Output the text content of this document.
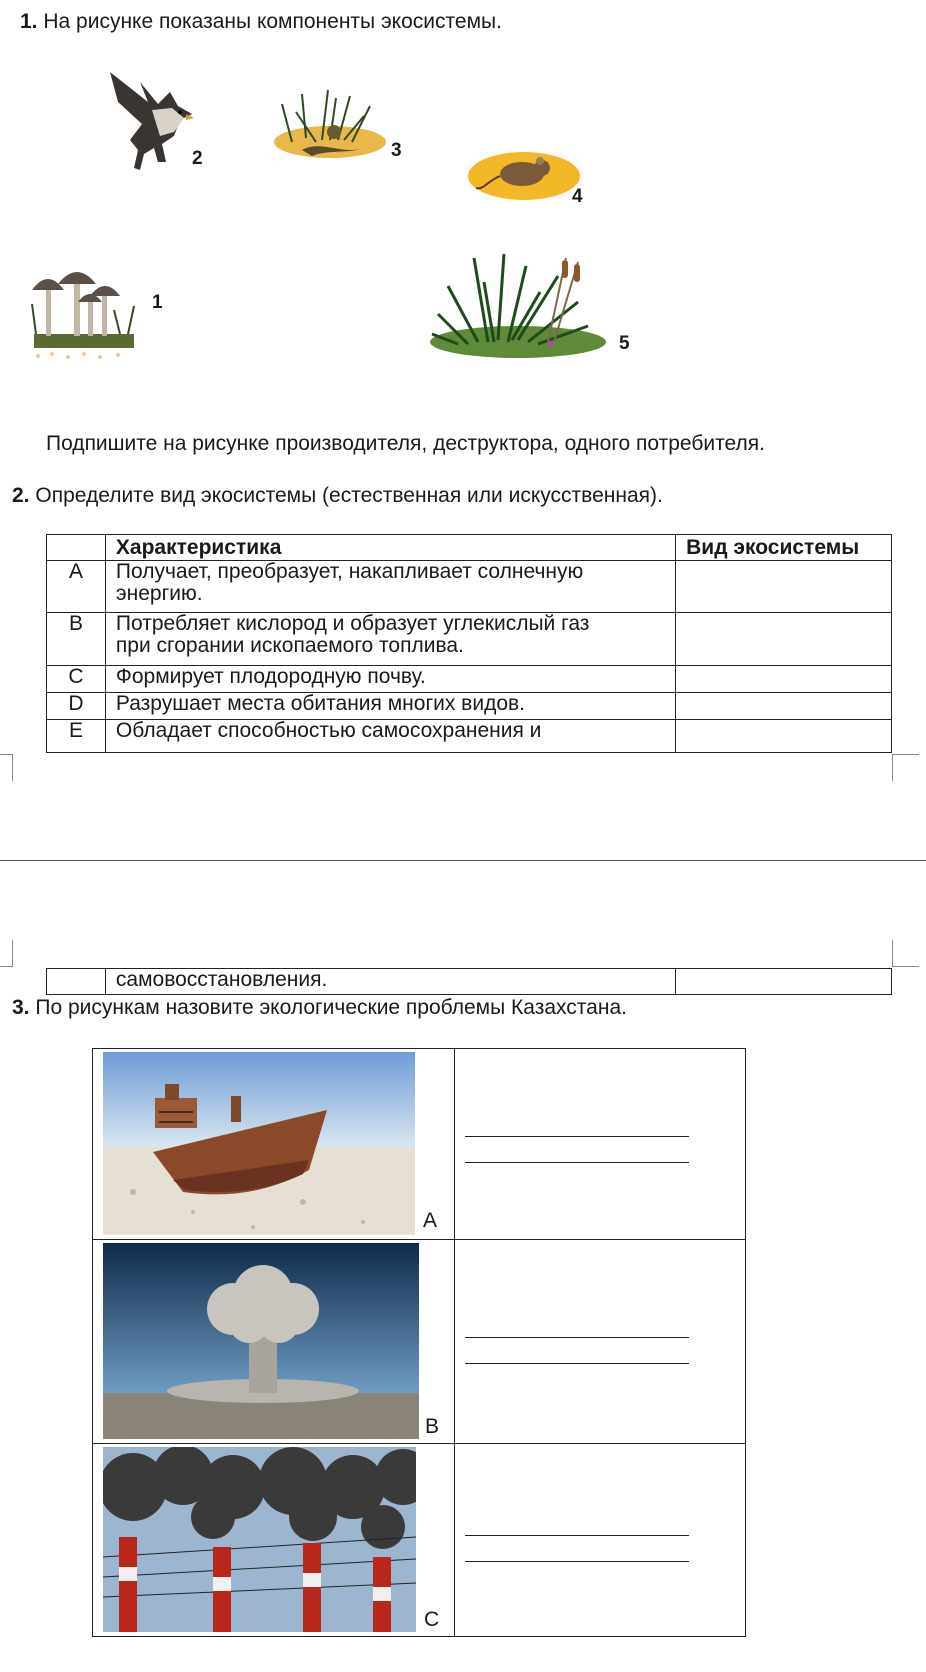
1. На рисунке показаны компоненты экосистемы.
2	3
4
1
5
Подпишите на рисунке производителя, деструктора, одного потребителя.
2. Определите вид экосистемы (естественная или искусственная).
	Характеристика	Вид экосистемы
A	Получает, преобразует, накапливает солнечную
энергию.	
B	Потребляет кислород и образует углекислый газ
при сгорании ископаемого топлива.	
C	Формирует плодородную почву.	
D	Разрушает места обитания многих видов.	
E	Обладает способностью самосохранения и	
	самовосстановления.	
3. По рисункам назовите экологические проблемы Казахстана.
A	

B	

C	
